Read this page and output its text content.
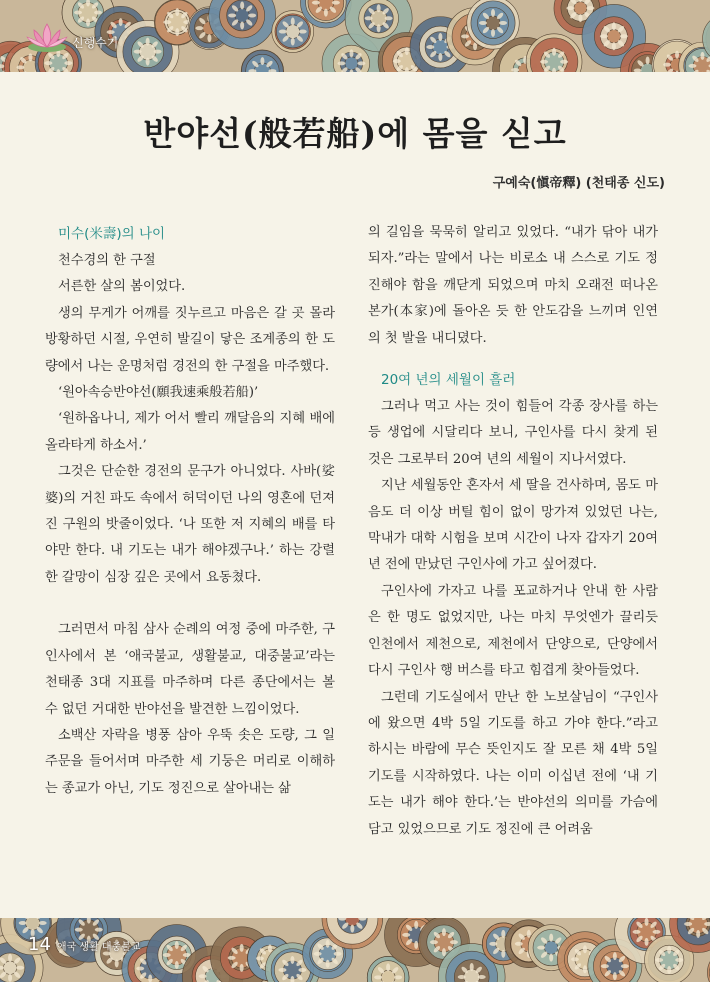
신행수기
반야선(般若船)에 몸을 싣고
구예숙(愼帝釋) (천태종 신도)
미수(米壽)의 나이

천수경의 한 구절

서른한 살의 봄이었다.

생의 무게가 어깨를 짓누르고 마음은 갈 곳 몰라 방황하던 시절, 우연히 발길이 닿은 조계종의 한 도량에서 나는 운명처럼 경전의 한 구절을 마주했다.

‘원아속승반야선(願我速乘般若船)’

‘원하옵나니, 제가 어서 빨리 깨달음의 지혜 배에 올라타게 하소서.’

그것은 단순한 경전의 문구가 아니었다. 사바(娑婆)의 거친 파도 속에서 허덕이던 나의 영혼에 던져진 구원의 밧줄이었다. ‘나 또한 저 지혜의 배를 타야만 한다. 내 기도는 내가 해야겠구나.’ 하는 강렬한 갈망이 심장 깊은 곳에서 요동쳤다.

그러면서 마침 삼사 순례의 여정 중에 마주한, 구인사에서 본 ‘애국불교, 생활불교, 대중불교’라는 천태종 3대 지표를 마주하며 다른 종단에서는 볼 수 없던 거대한 반야선을 발견한 느낌이었다.

소백산 자락을 병풍 삼아 우뚝 솟은 도량, 그 일주문을 들어서며 마주한 세 기둥은 머리로 이해하는 종교가 아닌, 기도 정진으로 살아내는 삶

의 길임을 묵묵히 알리고 있었다. “내가 닦아 내가 되자.”라는 말에서 나는 비로소 내 스스로 기도 정진해야 함을 깨닫게 되었으며 마치 오래전 떠나온 본가(本家)에 돌아온 듯 한 안도감을 느끼며 인연의 첫 발을 내디뎠다.

20여 년의 세월이 흘러

그러나 먹고 사는 것이 힘들어 각종 장사를 하는 등 생업에 시달리다 보니, 구인사를 다시 찾게 된 것은 그로부터 20여 년의 세월이 지나서였다.

지난 세월동안 혼자서 세 딸을 건사하며, 몸도 마음도 더 이상 버틸 힘이 없이 망가져 있었던 나는, 막내가 대학 시험을 보며 시간이 나자 갑자기 20여 년 전에 만났던 구인사에 가고 싶어졌다.

구인사에 가자고 나를 포교하거나 안내 한 사람은 한 명도 없었지만, 나는 마치 무엇엔가 끌리듯 인천에서 제천으로, 제천에서 단양으로, 단양에서 다시 구인사 행 버스를 타고 힘겹게 찾아들었다.

그런데 기도실에서 만난 한 노보살님이 “구인사에 왔으면 4박 5일 기도를 하고 가야 한다.”라고 하시는 바람에 무슨 뜻인지도 잘 모른 채 4박 5일 기도를 시작하였다. 나는 이미 이십년 전에 ‘내 기도는 내가 해야 한다.’는 반야선의 의미를 가슴에 담고 있었으므로 기도 정진에 큰 어려움

14 애국 생활 대중불교
